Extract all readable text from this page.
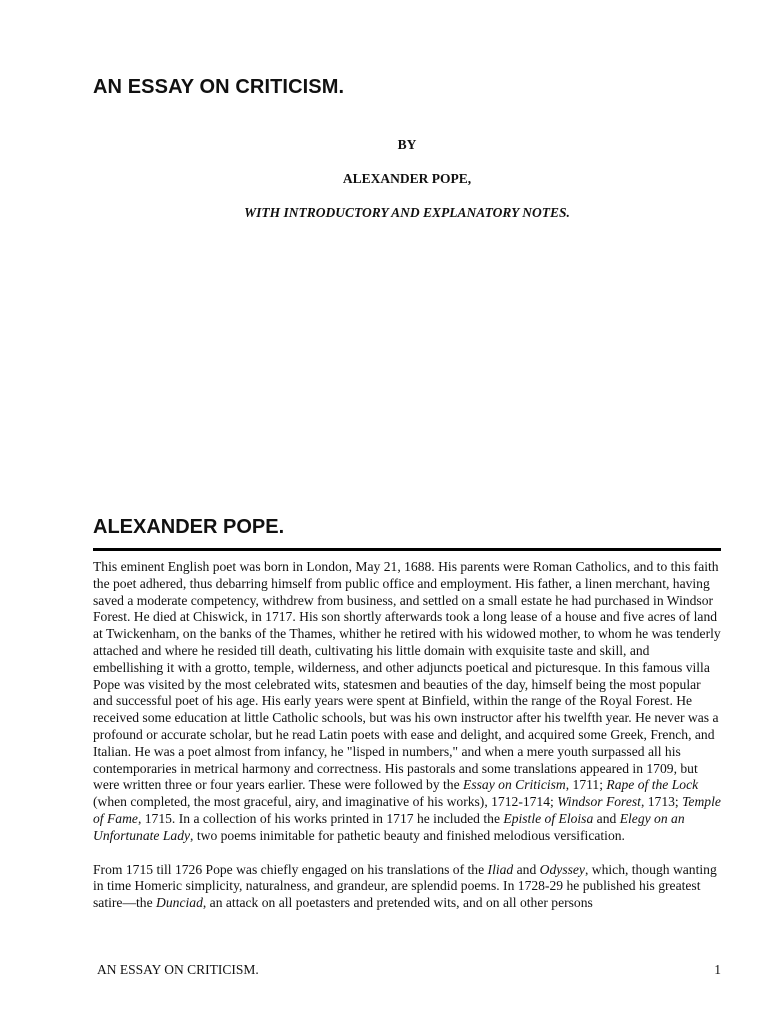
AN ESSAY ON CRITICISM.

BY

ALEXANDER POPE,

WITH INTRODUCTORY AND EXPLANATORY NOTES.

ALEXANDER POPE.

This eminent English poet was born in London, May 21, 1688. His parents were Roman Catholics, and to this faith the poet adhered, thus debarring himself from public office and employment. His father, a linen merchant, having saved a moderate competency, withdrew from business, and settled on a small estate he had purchased in Windsor Forest. He died at Chiswick, in 1717. His son shortly afterwards took a long lease of a house and five acres of land at Twickenham, on the banks of the Thames, whither he retired with his widowed mother, to whom he was tenderly attached and where he resided till death, cultivating his little domain with exquisite taste and skill, and embellishing it with a grotto, temple, wilderness, and other adjuncts poetical and picturesque. In this famous villa Pope was visited by the most celebrated wits, statesmen and beauties of the day, himself being the most popular and successful poet of his age. His early years were spent at Binfield, within the range of the Royal Forest. He received some education at little Catholic schools, but was his own instructor after his twelfth year. He never was a profound or accurate scholar, but he read Latin poets with ease and delight, and acquired some Greek, French, and Italian. He was a poet almost from infancy, he "lisped in numbers," and when a mere youth surpassed all his contemporaries in metrical harmony and correctness. His pastorals and some translations appeared in 1709, but were written three or four years earlier. These were followed by the Essay on Criticism, 1711; Rape of the Lock (when completed, the most graceful, airy, and imaginative of his works), 1712-1714; Windsor Forest, 1713; Temple of Fame, 1715. In a collection of his works printed in 1717 he included the Epistle of Eloisa and Elegy on an Unfortunate Lady, two poems inimitable for pathetic beauty and finished melodious versification.

From 1715 till 1726 Pope was chiefly engaged on his translations of the Iliad and Odyssey, which, though wanting in time Homeric simplicity, naturalness, and grandeur, are splendid poems. In 1728-29 he published his greatest satire—the Dunciad, an attack on all poetasters and pretended wits, and on all other persons

AN ESSAY ON CRITICISM.	1
